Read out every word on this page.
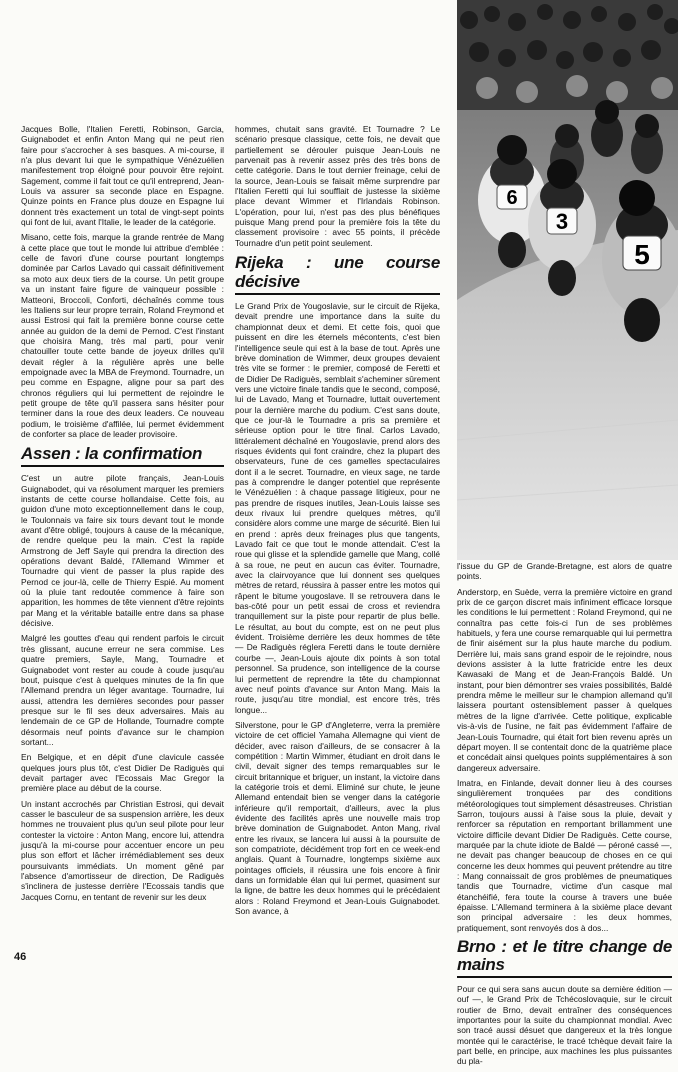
Jacques Bolle, l'Italien Feretti, Robinson, Garcia, Guignabodet et enfin Anton Mang qui ne peut rien faire pour s'accrocher à ses basques. A mi-course, il n'a plus devant lui que le sympathique Vénézuélien manifestement trop éloigné pour pouvoir être rejoint. Sagement, comme il fait tout ce qu'il entreprend, Jean-Louis va assurer sa seconde place en Espagne. Quinze points en France plus douze en Espagne lui donnent très exactement un total de vingt-sept points qui font de lui, avant l'Italie, le leader de la catégorie.

Misano, cette fois, marque la grande rentrée de Mang à cette place que tout le monde lui attribue d'emblée : celle de favori d'une course pourtant longtemps dominée par Carlos Lavado qui cassait définitivement sa moto aux deux tiers de la course. Un petit groupe va un instant faire figure de vainqueur possible : Matteoni, Broccoli, Conforti, déchaînés comme tous les Italiens sur leur propre terrain, Roland Freymond et aussi Estrosi qui fait la première bonne course cette année au guidon de la demi de Pernod. C'est l'instant que choisira Mang, très mal parti, pour venir chatouiller toute cette bande de joyeux drilles qu'il devait régler à la régulière après une belle empoignade avec la MBA de Freymond. Tournadre, un peu comme en Espagne, aligne pour sa part des chronos réguliers qui lui permettent de rejoindre le petit groupe de tête qu'il passera sans hésiter pour terminer dans la roue des deux leaders. Ce nouveau podium, le troisième d'affilée, lui permet évidemment de conforter sa place de leader provisoire.

Assen : la confirmation

C'est un autre pilote français, Jean-Louis Guignabodet, qui va résolument marquer les premiers instants de cette course hollandaise. Cette fois, au guidon d'une moto exceptionnellement dans le coup, le Toulonnais va faire six tours devant tout le monde avant d'être obligé, toujours à cause de la mécanique, de rendre quelque peu la main. C'est la rapide Armstrong de Jeff Sayle qui prendra la direction des opérations devant Baldé, l'Allemand Wimmer et Tournadre qui vient de passer la plus rapide des Pernod ce jour-là, celle de Thierry Espié. Au moment où la pluie tant redoutée commence à faire son apparition, les hommes de tête viennent d'être rejoints par Mang et la véritable bataille entre dans sa phase décisive.

Malgré les gouttes d'eau qui rendent parfois le circuit très glissant, aucune erreur ne sera commise. Les quatre premiers, Sayle, Mang, Tournadre et Guignabodet vont rester au coude à coude jusqu'au bout, puisque c'est à quelques minutes de la fin que l'Allemand prendra un léger avantage. Tournadre, lui aussi, attendra les dernières secondes pour passer presque sur le fil ses deux adversaires. Mais au lendemain de ce GP de Hollande, Tournadre compte désormais neuf points d'avance sur le champion sortant...

En Belgique, et en dépit d'une clavicule cassée quelques jours plus tôt, c'est Didier De Radiguès qui devait partager avec l'Ecossais Mac Gregor la première place au début de la course.

Un instant accrochés par Christian Estrosi, qui devait casser le basculeur de sa suspension arrière, les deux hommes ne trouvaient plus qu'un seul pilote pour leur contester la victoire : Anton Mang, encore lui, attendra jusqu'à la mi-course pour accentuer encore un peu plus son effort et lâcher irrémédiablement ses deux poursuivants immédiats. Un moment gêné par l'absence d'amortisseur de direction, De Radiguès s'inclinera de justesse derrière l'Ecossais tandis que Jacques Cornu, en tentant de revenir sur les deux

hommes, chutait sans gravité. Et Tournadre ? Le scénario presque classique, cette fois, ne devait que partiellement se dérouler puisque Jean-Louis ne parvenait pas à revenir assez près des très bons de cette catégorie. Dans le tout dernier freinage, celui de la source, Jean-Louis se faisait même surprendre par l'Italien Feretti qui lui soufflait de justesse la sixième place devant Wimmer et l'Irlandais Robinson. L'opération, pour lui, n'est pas des plus bénéfiques puisque Mang prend pour la première fois la tête du classement provisoire : avec 55 points, il précède Tournadre d'un petit point seulement.

Rijeka : une course décisive

Le Grand Prix de Yougoslavie, sur le circuit de Rijeka, devait prendre une importance dans la suite du championnat deux et demi. Et cette fois, quoi que puissent en dire les éternels mécontents, c'est bien l'intelligence seule qui est à la base de tout. Après une brève domination de Wimmer, deux groupes devaient très vite se former : le premier, composé de Feretti et de Didier De Radiguès, semblait s'acheminer sûrement vers une victoire finale tandis que le second, composé, lui de Lavado, Mang et Tournadre, luttait ouvertement pour la dernière marche du podium. C'est sans doute, que ce jour-là le Tournadre a pris sa première et sérieuse option pour le titre final. Carlos Lavado, littéralement déchaîné en Yougoslavie, prend alors des risques évidents qui font craindre, chez la plupart des observateurs, l'une de ces gamelles spectaculaires dont il a le secret. Tournadre, en vieux sage, ne tarde pas à comprendre le danger potentiel que représente le Vénézuélien : à chaque passage litigieux, pour ne pas prendre de risques inutiles, Jean-Louis laisse ses deux rivaux lui prendre quelques mètres, qu'il considère alors comme une marge de sécurité. Bien lui en prend : après deux freinages plus que tangents, Lavado fait ce que tout le monde attendait. C'est la roue qui glisse et la splendide gamelle que Mang, collé à sa roue, ne peut en aucun cas éviter. Tournadre, avec la clairvoyance que lui donnent ses quelques mètres de retard, réussira à passer entre les motos qui râpent le bitume yougoslave. Il se retrouvera dans le bas-côté pour un petit essai de cross et reviendra tranquillement sur la piste pour repartir de plus belle. Le résultat, au bout du compte, est on ne peut plus évident. Troisième derrière les deux hommes de tête — De Radiguès réglera Feretti dans le toute dernière courbe —, Jean-Louis ajoute dix points à son total personnel. Sa prudence, son intelligence de la course lui permettent de reprendre la tête du championnat avec neuf points d'avance sur Anton Mang. Mais la route, jusqu'au titre mondial, est encore très, très longue...

Silverstone, pour le GP d'Angleterre, verra la première victoire de cet officiel Yamaha Allemagne qui vient de décider, avec raison d'ailleurs, de se consacrer à la compétition : Martin Wimmer, étudiant en droit dans le civil, devait signer des temps remarquables sur le circuit britannique et briguer, un instant, la victoire dans la catégorie trois et demi. Eliminé sur chute, le jeune Allemand entendait bien se venger dans la catégorie inférieure qu'il remportait, d'ailleurs, avec la plus évidente des facilités après une nouvelle mais trop brève domination de Guignabodet. Anton Mang, rival entre les rivaux, se lancera lui aussi à la poursuite de son compatriote, décidément trop fort en ce week-end anglais. Quant à Tournadre, longtemps sixième aux pointages officiels, il réussira une fois encore à finir dans un formidable élan qui lui permet, quasiment sur la ligne, de battre les deux hommes qui le précédaient alors : Roland Freymond et Jean-Louis Guignabodet. Son avance, à

6
3
5

l'issue du GP de Grande-Bretagne, est alors de quatre points.

Anderstorp, en Suède, verra la première victoire en grand prix de ce garçon discret mais infiniment efficace lorsque les conditions le lui permettent : Roland Freymond, qui ne connaîtra pas cette fois-ci l'un de ses problèmes habituels, y fera une course remarquable qui lui permettra de finir aisément sur la plus haute marche du podium. Derrière lui, mais sans grand espoir de le rejoindre, nous devions assister à la lutte fratricide entre les deux Kawasaki de Mang et de Jean-François Baldé. Un instant, pour bien démontrer ses vraies possibilités, Baldé prendra même le meilleur sur le champion allemand qu'il laissera pourtant ostensiblement passer à quelques mètres de la ligne d'arrivée. Cette politique, explicable vis-à-vis de l'usine, ne fait pas évidemment l'affaire de Jean-Louis Tournadre, qui était fort bien revenu après un départ moyen. Il se contentait donc de la quatrième place et concédait ainsi quelques points supplémentaires à son dangereux adversaire.

Imatra, en Finlande, devait donner lieu à des courses singulièrement tronquées par des conditions météorologiques tout simplement désastreuses. Christian Sarron, toujours aussi à l'aise sous la pluie, devait y renforcer sa réputation en remportant brillamment une victoire difficile devant Didier De Radiguès. Cette course, marquée par la chute idiote de Baldé — péroné cassé —, ne devait pas changer beaucoup de choses en ce qui concerne les deux hommes qui peuvent prétendre au titre : Mang connaissait de gros problèmes de pneumatiques tandis que Tournadre, victime d'un casque mal étanchéifié, fera toute la course à travers une buée épaisse. L'Allemand terminera à la sixième place devant son principal adversaire : les deux hommes, pratiquement, sont renvoyés dos à dos...

Brno : et le titre change de mains

Pour ce qui sera sans aucun doute sa dernière édition — ouf —, le Grand Prix de Tchécoslovaquie, sur le circuit routier de Brno, devait entraîner des conséquences importantes pour la suite du championnat mondial. Avec son tracé aussi désuet que dangereux et la très longue montée qui le caractérise, le tracé tchèque devait faire la part belle, en principe, aux machines les plus puissantes du pla-

46
